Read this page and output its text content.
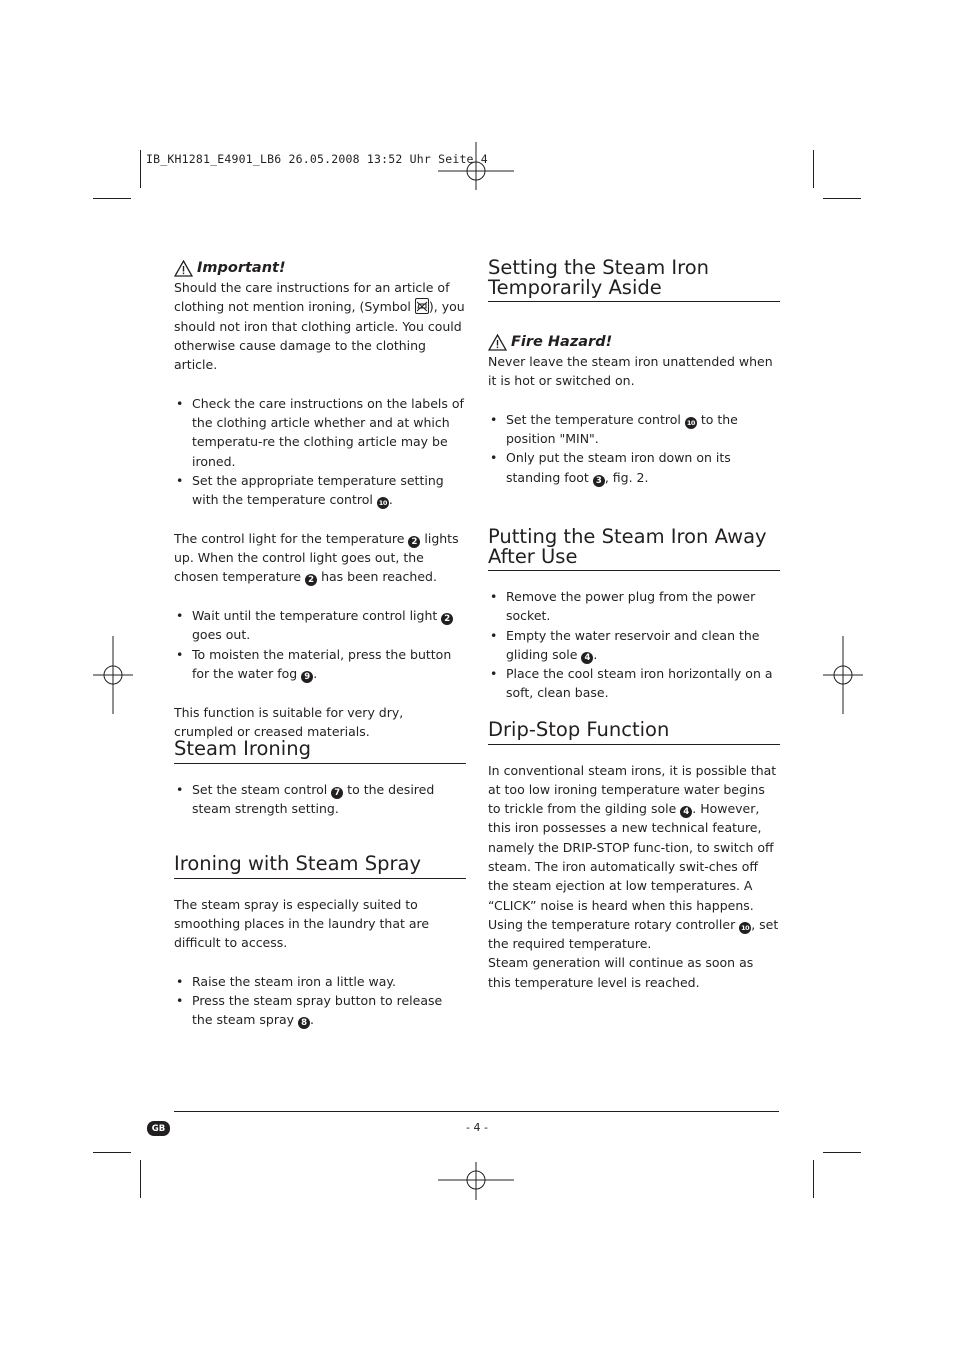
IB_KH1281_E4901_LB6 26.05.2008 13:52 Uhr Seite 4
Important!

Should the care instructions for an article of clothing not mention ironing, (Symbol
), you should not iron that clothing article. You could otherwise cause damage to the clothing article.

• Check the care instructions on the labels of the clothing article whether and at which temperatu-re the clothing article may be ironed.
• Set the appropriate temperature setting with the temperature control 10 .

The control light for the temperature 2 lights up. When the control light goes out, the chosen temperature 2 has been reached.

• Wait until the temperature control light 2 goes out.
• To moisten the material, press the button for the water fog 9 .

This function is suitable for very dry, crumpled or creased materials.

Steam Ironing
• Set the steam control 7 to the desired steam strength setting.
Ironing with Steam Spray

The steam spray is especially suited to smoothing places in the laundry that are difficult to access.

• Raise the steam iron a little way.
• Press the steam spray button to release the steam spray 8 .
Setting the Steam Iron
Temporarily Aside
Fire Hazard!

Never leave the steam iron unattended when it is hot or switched on.

• Set the temperature control 10 to the position "MIN".
• Only put the steam iron down on its standing foot 3 , fig. 2.
Putting the Steam Iron Away
After Use
• Remove the power plug from the power socket.
• Empty the water reservoir and clean the gliding sole 4 .
• Place the cool steam iron horizontally on a soft, clean base.
Drip-Stop Function

In conventional steam irons, it is possible that at too low ironing temperature water begins to trickle from the gilding sole 4 . However, this iron possesses a new technical feature, namely the DRIP-STOP func-tion, to switch off steam. The iron automatically swit-ches off the steam ejection at low temperatures. A “CLICK” noise is heard when this happens.

Using the temperature rotary controller 10 , set the required temperature.

Steam generation will continue as soon as this temperature level is reached.

GB	- 4 -
